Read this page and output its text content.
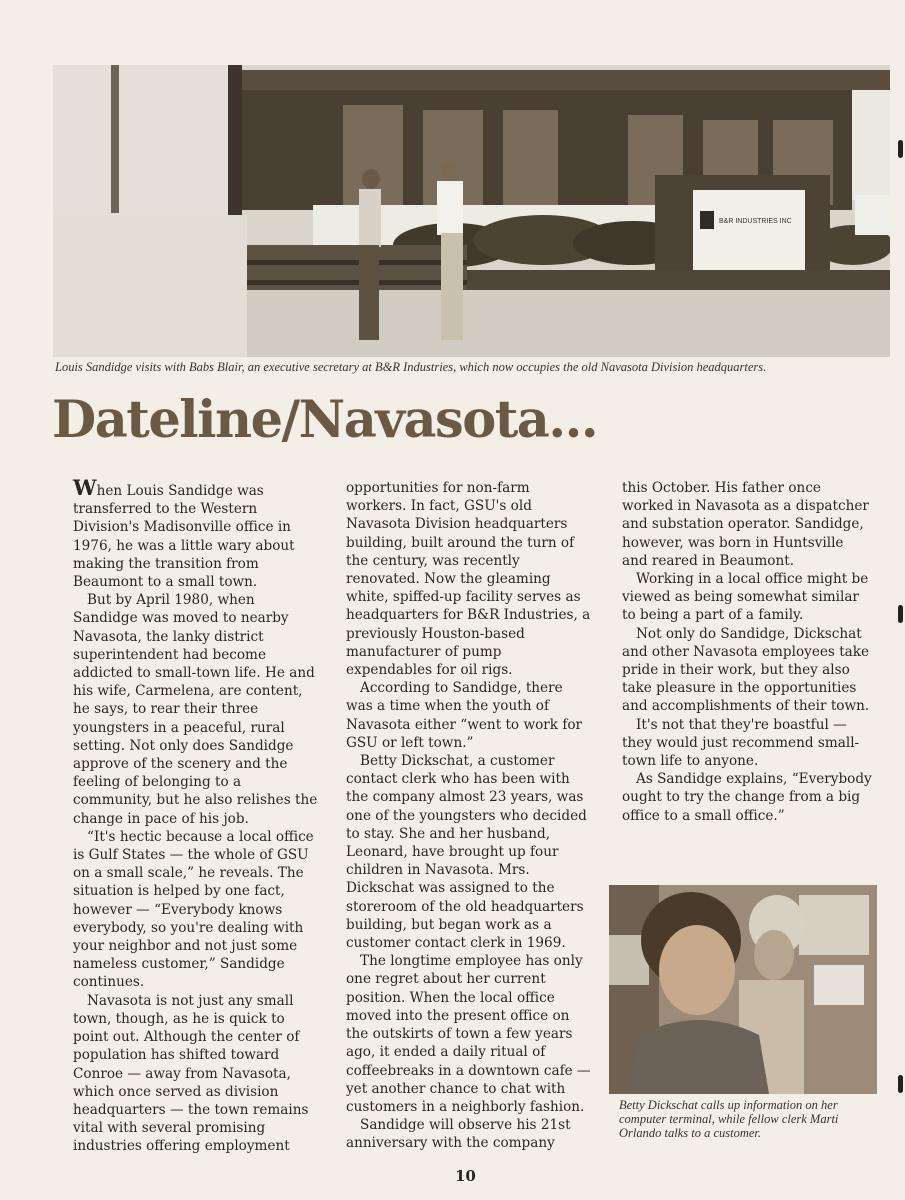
B&R INDUSTRIES INC
Louis Sandidge visits with Babs Blair, an executive secretary at B&R Industries, which now occupies the old Navasota Division headquarters.
Dateline/Navasota...

When Louis Sandidge was transferred to the Western Division's Madisonville office in 1976, he was a little wary about making the transition from Beaumont to a small town.

But by April 1980, when Sandidge was moved to nearby Navasota, the lanky district superintendent had become addicted to small-town life. He and his wife, Carmelena, are content, he says, to rear their three youngsters in a peaceful, rural setting. Not only does Sandidge approve of the scenery and the feeling of belonging to a community, but he also relishes the change in pace of his job.

“It's hectic because a local office is Gulf States — the whole of GSU on a small scale,” he reveals. The situation is helped by one fact, however — “Everybody knows everybody, so you're dealing with your neighbor and not just some nameless customer,” Sandidge continues.

Navasota is not just any small town, though, as he is quick to point out. Although the center of population has shifted toward Conroe — away from Navasota, which once served as division headquarters — the town remains vital with several promising industries offering employment

opportunities for non-farm workers. In fact, GSU's old Navasota Division headquarters building, built around the turn of the century, was recently renovated. Now the gleaming white, spiffed-up facility serves as headquarters for B&R Industries, a previously Houston-based manufacturer of pump expendables for oil rigs.

According to Sandidge, there was a time when the youth of Navasota either “went to work for GSU or left town.”

Betty Dickschat, a customer contact clerk who has been with the company almost 23 years, was one of the youngsters who decided to stay. She and her husband, Leonard, have brought up four children in Navasota. Mrs. Dickschat was assigned to the storeroom of the old headquarters building, but began work as a customer contact clerk in 1969.

The longtime employee has only one regret about her current position. When the local office moved into the present office on the outskirts of town a few years ago, it ended a daily ritual of coffeebreaks in a downtown cafe — yet another chance to chat with customers in a neighborly fashion.

Sandidge will observe his 21st anniversary with the company

this October. His father once worked in Navasota as a dispatcher and substation operator. Sandidge, however, was born in Huntsville and reared in Beaumont.

Working in a local office might be viewed as being somewhat similar to being a part of a family.

Not only do Sandidge, Dickschat and other Navasota employees take pride in their work, but they also take pleasure in the opportunities and accomplishments of their town.

It's not that they're boastful — they would just recommend small-town life to anyone.

As Sandidge explains, “Everybody ought to try the change from a big office to a small office.”

Betty Dickschat calls up information on her computer terminal, while fellow clerk Marti Orlando talks to a customer.
10
